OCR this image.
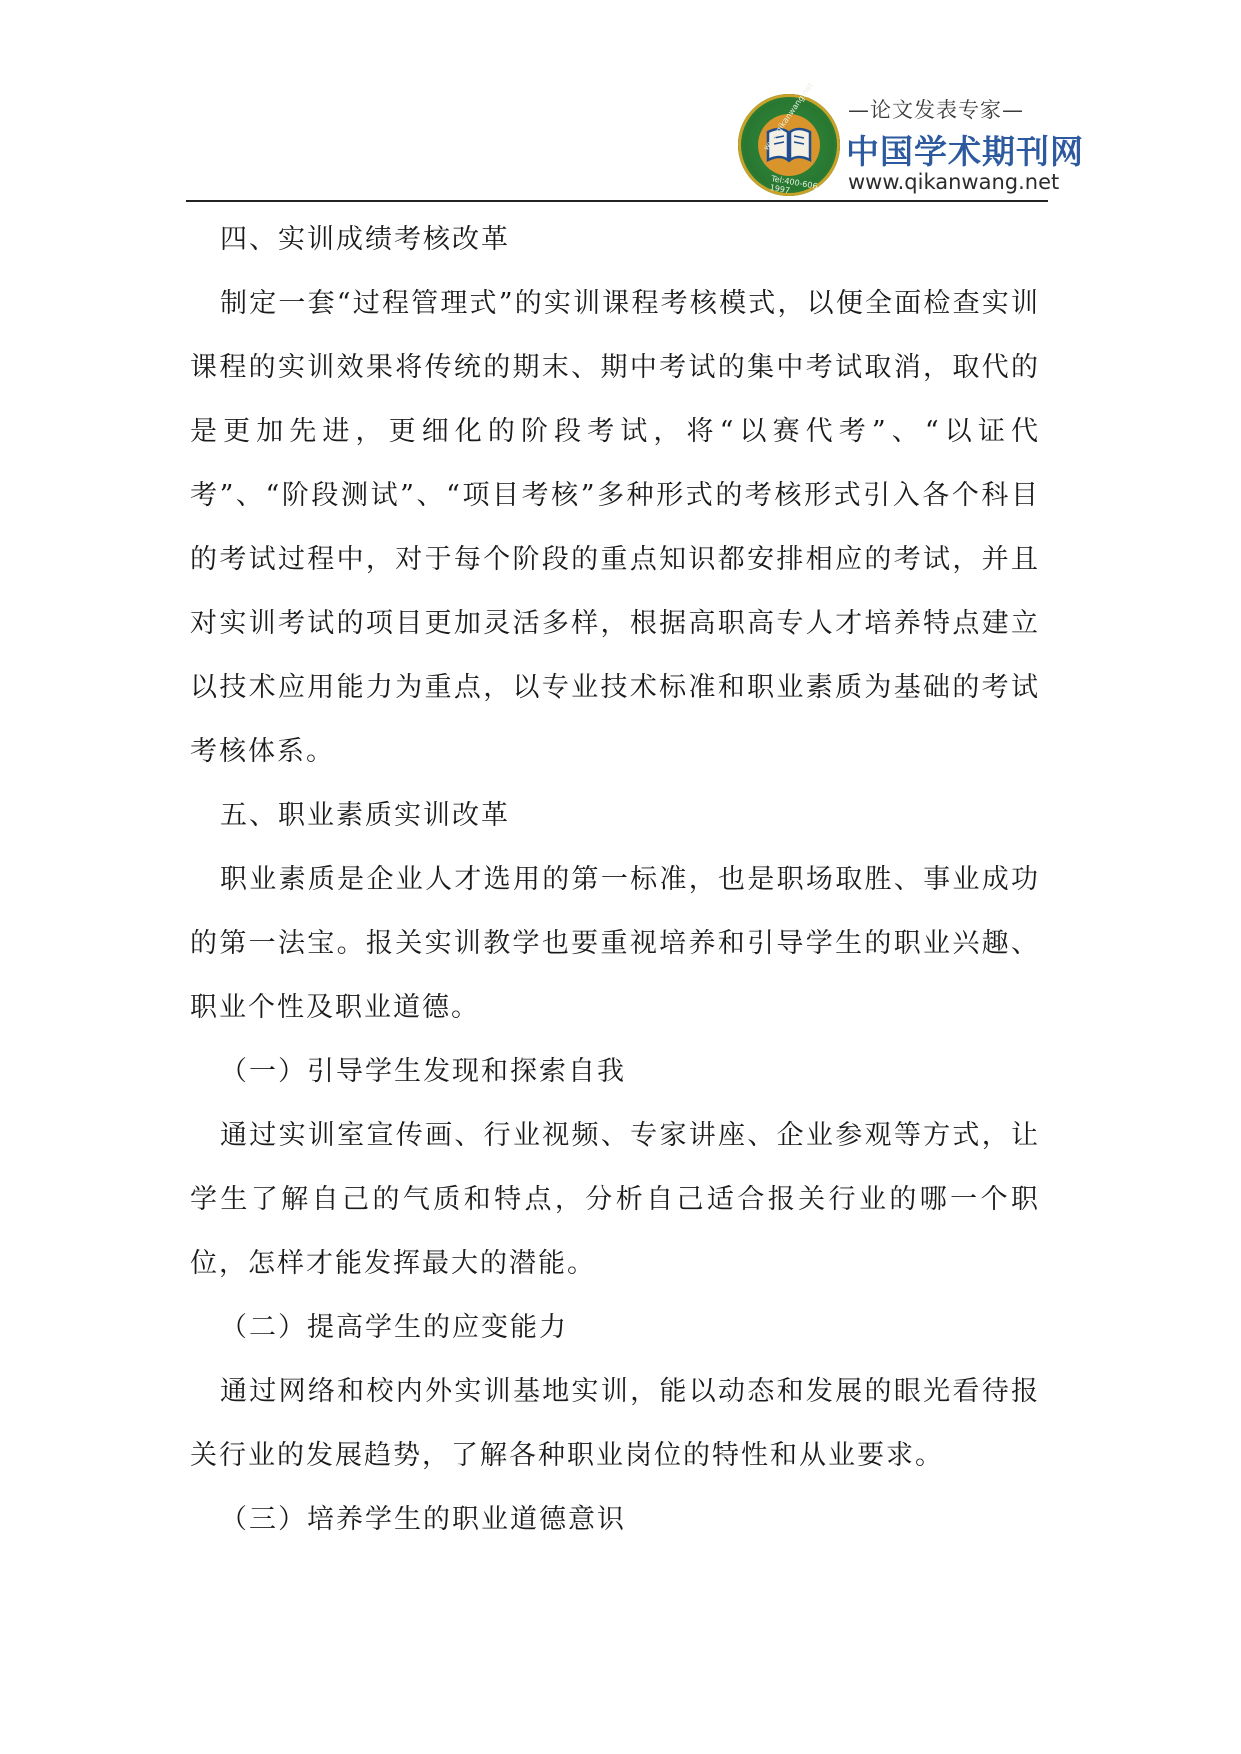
www.qikanwang.net
Tel:400-606-1997
—论文发表专家—
中国学术期刊网
www.qikanwang.net

四、实训成绩考核改革

制定一套“过程管理式”的实训课程考核模式，以便全面检查实训课程的实训效果将传统的期末、期中考试的集中考试取消，取代的是更加先进，更细化的阶段考试，将“以赛代考”、“以证代考”、“阶段测试”、“项目考核”多种形式的考核形式引入各个科目的考试过程中，对于每个阶段的重点知识都安排相应的考试，并且对实训考试的项目更加灵活多样，根据高职高专人才培养特点建立以技术应用能力为重点，以专业技术标准和职业素质为基础的考试考核体系。

五、职业素质实训改革

职业素质是企业人才选用的第一标准，也是职场取胜、事业成功的第一法宝。报关实训教学也要重视培养和引导学生的职业兴趣、职业个性及职业道德。

（一）引导学生发现和探索自我

通过实训室宣传画、行业视频、专家讲座、企业参观等方式，让学生了解自己的气质和特点，分析自己适合报关行业的哪一个职位，怎样才能发挥最大的潜能。

（二）提高学生的应变能力

通过网络和校内外实训基地实训，能以动态和发展的眼光看待报关行业的发展趋势，了解各种职业岗位的特性和从业要求。

（三）培养学生的职业道德意识
